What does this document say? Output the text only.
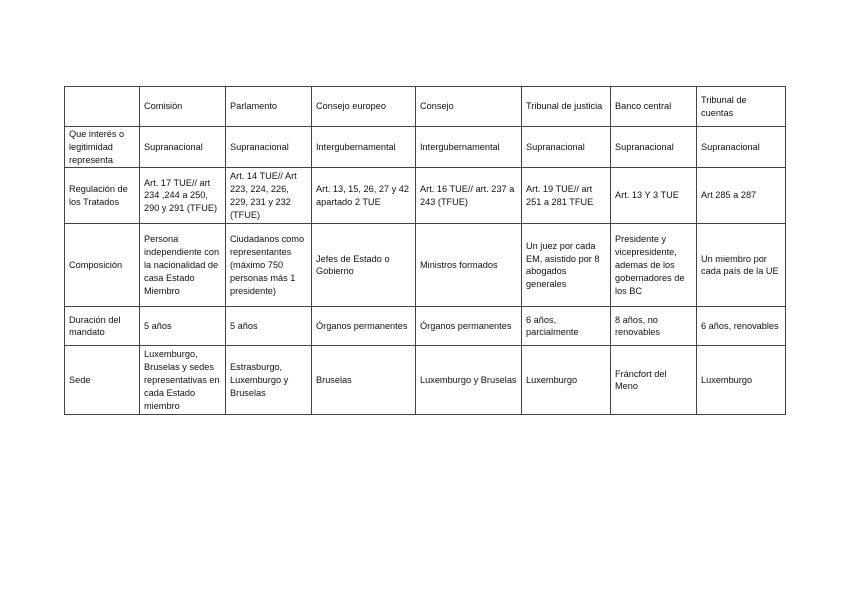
	Comisión	Parlamento	Consejo europeo	Consejo	Tribunal de justicia	Banco central	Tribunal de cuentas
Que interés o legitimidad representa	Supranacional	Supranacional	Intergubernamental	Intergubernamental	Supranacional	Supranacional	Supranacional
Regulación de los Tratados	Art. 17 TUE// art 234 ,244 a 250, 290 y 291 (TFUE)	Art. 14 TUE// Art 223, 224, 226, 229, 231 y 232 (TFUE)	Art. 13, 15, 26, 27 y 42 apartado 2 TUE	Art. 16 TUE// art. 237 a 243 (TFUE)	Art. 19 TUE// art 251 a 281 TFUE	Art. 13 Y 3 TUE	Art 285 a 287
Composición	Persona independiente con la nacionalidad de casa Estado Miembro	Ciudadanos como representantes (máximo 750 personas más 1 presidente)	Jefes de Estado o Gobierno	Ministros formados	Un juez por cada EM, asistido por 8 abogados generales	Presidente y vicepresidente, ademas de los gobernadores de los BC	Un miembro por cada país de la UE
Duración del mandato	5 años	5 años	Órganos permanentes	Órganos permanentes	6 años, parcialmente	8 años, no renovables	6 años, renovables
Sede	Luxemburgo, Bruselas y sedes representativas en cada Estado miembro	Estrasburgo, Luxemburgo y Bruselas	Bruselas	Luxemburgo y Bruselas	Luxemburgo	Fráncfort del Meno	Luxemburgo
